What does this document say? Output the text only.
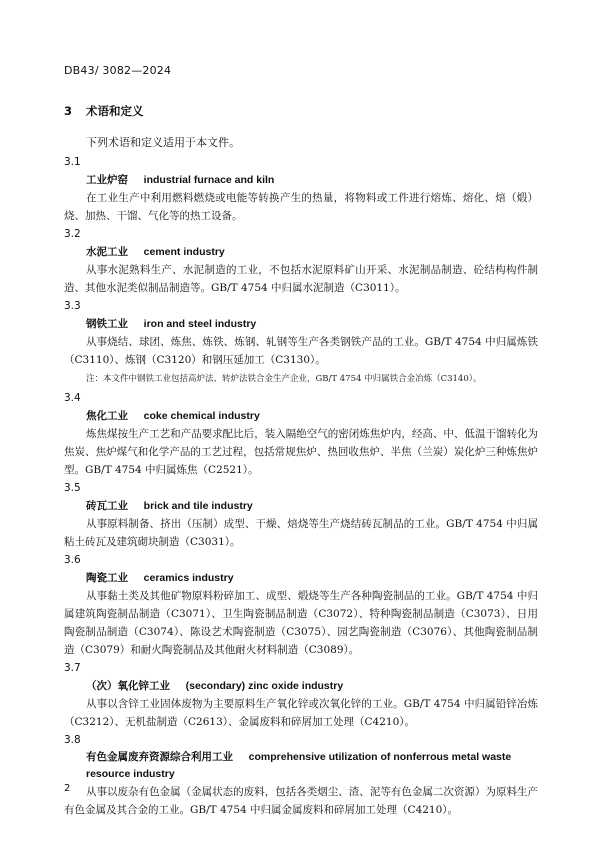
DB43/ 3082—2024
3 术语和定义
下列术语和定义适用于本文件。
3.1
工业炉窑 industrial furnace and kiln
在工业生产中利用燃料燃烧或电能等转换产生的热量，将物料或工件进行熔炼、熔化、焙（煅）烧、加热、干馏、气化等的热工设备。
3.2
水泥工业 cement industry
从事水泥熟料生产、水泥制造的工业，不包括水泥原料矿山开采、水泥制品制造、砼结构构件制造、其他水泥类似制品制造等。GB/T 4754 中归属水泥制造（C3011）。
3.3
钢铁工业 iron and steel industry
从事烧结、球团、炼焦、炼铁、炼钢、轧钢等生产各类钢铁产品的工业。GB/T 4754 中归属炼铁（C3110）、炼钢（C3120）和钢压延加工（C3130）。
注：本文件中钢铁工业包括高炉法、转炉法铁合金生产企业，GB/T 4754 中归属铁合金冶炼（C3140）。
3.4
焦化工业 coke chemical industry
炼焦煤按生产工艺和产品要求配比后，装入隔绝空气的密闭炼焦炉内，经高、中、低温干馏转化为焦炭、焦炉煤气和化学产品的工艺过程，包括常规焦炉、热回收焦炉、半焦（兰炭）炭化炉三种炼焦炉型。GB/T 4754 中归属炼焦（C2521）。
3.5
砖瓦工业 brick and tile industry
从事原料制备、挤出（压制）成型、干燥、焙烧等生产烧结砖瓦制品的工业。GB/T 4754 中归属粘土砖瓦及建筑砌块制造（C3031）。
3.6
陶瓷工业 ceramics industry
从事黏土类及其他矿物原料粉碎加工、成型、煅烧等生产各种陶瓷制品的工业。GB/T 4754 中归属建筑陶瓷制品制造（C3071）、卫生陶瓷制品制造（C3072）、特种陶瓷制品制造（C3073）、日用陶瓷制品制造（C3074）、陈设艺术陶瓷制造（C3075）、园艺陶瓷制造（C3076）、其他陶瓷制品制造（C3079）和耐火陶瓷制品及其他耐火材料制造（C3089）。
3.7
（次）氧化锌工业 (secondary) zinc oxide industry
从事以含锌工业固体废物为主要原料生产氧化锌或次氧化锌的工业。GB/T 4754 中归属铅锌冶炼（C3212）、无机盐制造（C2613）、金属废料和碎屑加工处理（C4210）。
3.8
有色金属废弃资源综合利用工业 comprehensive utilization of nonferrous metal waste resource industry
从事以废杂有色金属（金属状态的废料，包括各类烟尘、渣、泥等有色金属二次资源）为原料生产有色金属及其合金的工业。GB/T 4754 中归属金属废料和碎屑加工处理（C4210）。
2
